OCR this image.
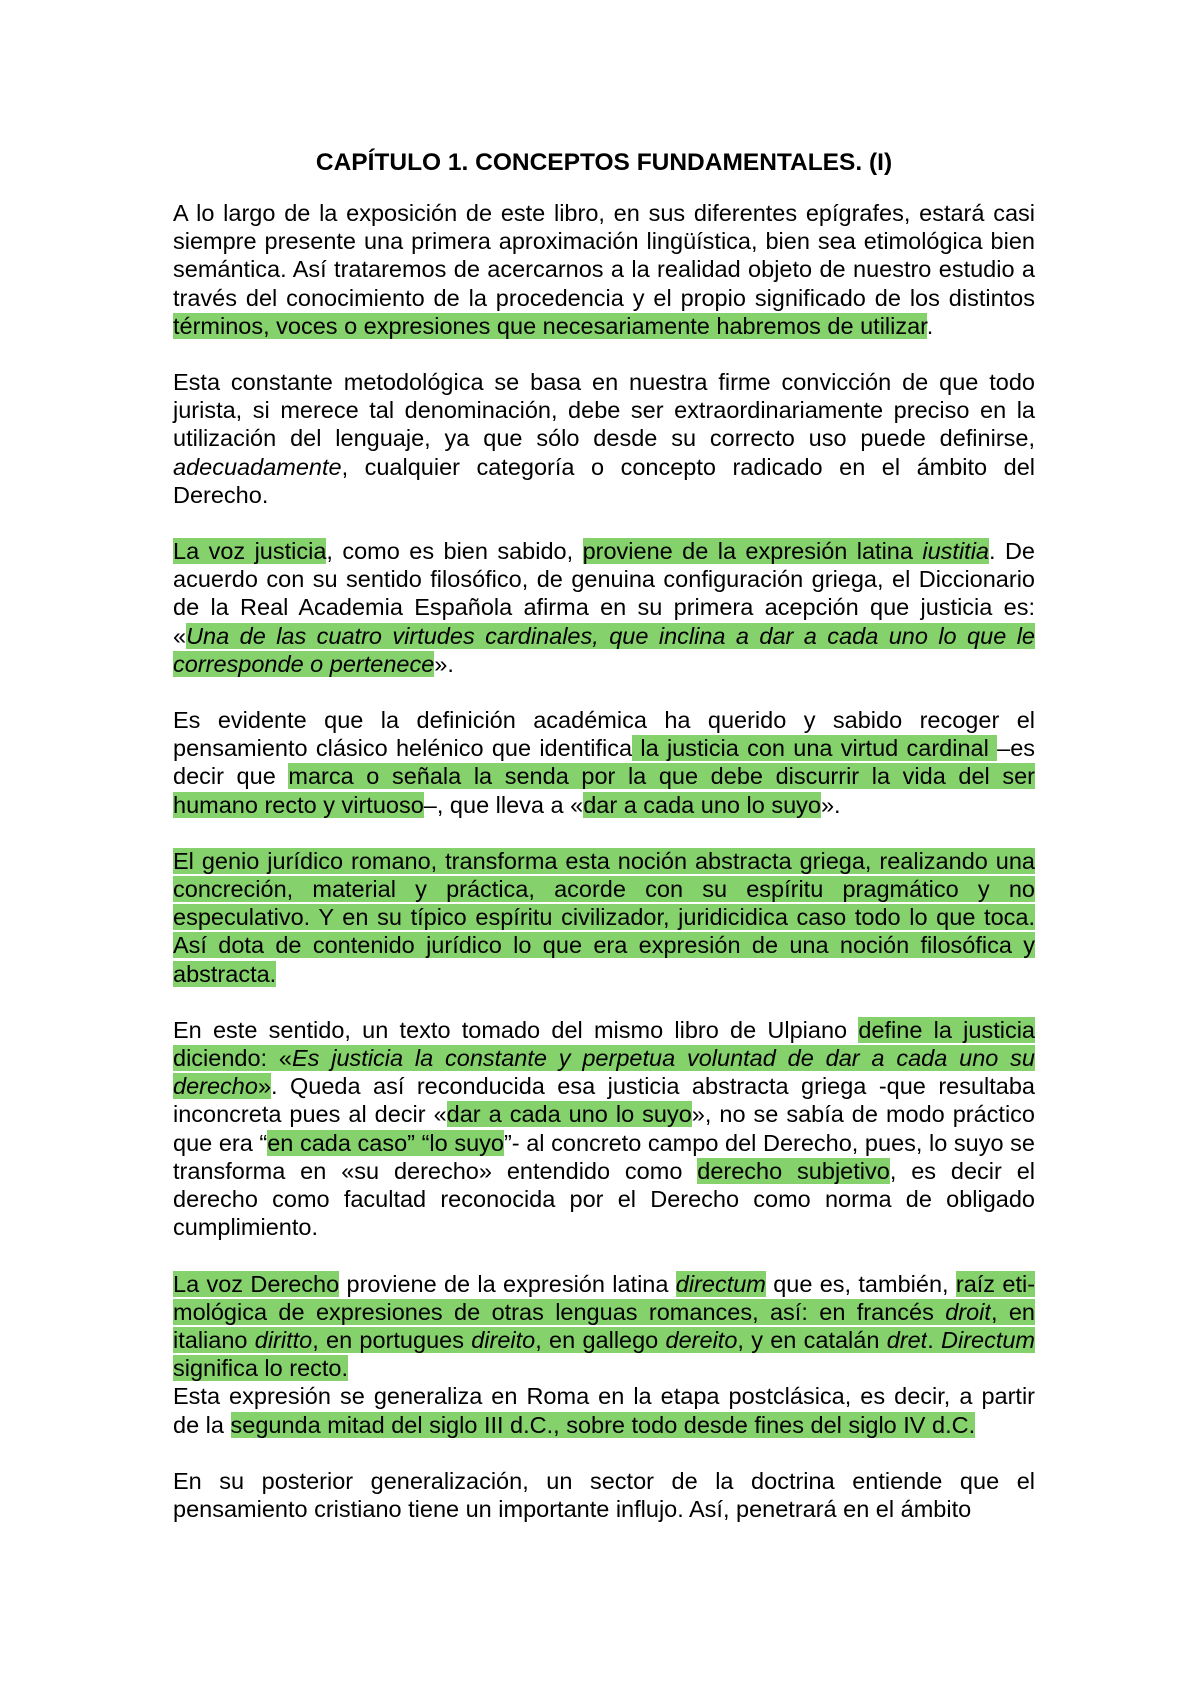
CAPÍTULO 1. CONCEPTOS FUNDAMENTALES. (I)

A lo largo de la exposición de este libro, en sus diferentes epígrafes, estará casi siempre presente una primera aproximación lingüística, bien sea etimológica bien semántica. Así trataremos de acercarnos a la realidad objeto de nuestro estudio a través del conocimiento de la procedencia y el propio significado de los distintos términos, voces o expresiones que necesariamente habremos de utilizar.

Esta constante metodológica se basa en nuestra firme convicción de que todo jurista, si merece tal denominación, debe ser extraordinariamente preciso en la utilización del lenguaje, ya que sólo desde su correcto uso puede definirse, adecuadamente, cualquier categoría o concepto radicado en el ámbito del Derecho.

La voz justicia, como es bien sabido, proviene de la expresión latina iustitia. De acuerdo con su sentido filosófico, de genuina configuración griega, el Diccionario de la Real Academia Española afirma en su primera acepción que justicia es: «Una de las cuatro virtudes cardinales, que inclina a dar a cada uno lo que le corresponde o pertenece».

Es evidente que la definición académica ha querido y sabido recoger el pensamiento clásico helénico que identifica la justicia con una virtud cardinal –es decir que marca o señala la senda por la que debe discurrir la vida del ser humano recto y virtuoso–, que lleva a «dar a cada uno lo suyo».

El genio jurídico romano, transforma esta noción abstracta griega, realizando una concreción, material y práctica, acorde con su espíritu pragmático y no especulativo. Y en su típico espíritu civilizador, juridicidica caso todo lo que toca. Así dota de contenido jurídico lo que era expresión de una noción filosófica y abstracta.

En este sentido, un texto tomado del mismo libro de Ulpiano define la justicia diciendo: «Es justicia la constante y perpetua voluntad de dar a cada uno su derecho». Queda así reconducida esa justicia abstracta griega -que resultaba inconcreta pues al decir «dar a cada uno lo suyo», no se sabía de modo práctico que era “en cada caso” “lo suyo”- al concreto campo del Derecho, pues, lo suyo se transforma en «su derecho» entendido como derecho subjetivo, es decir el derecho como facultad reconocida por el Derecho como norma de obligado cumplimiento.

La voz Derecho proviene de la expresión latina directum que es, también, raíz eti- mológica de expresiones de otras lenguas romances, así: en francés droit, en italiano diritto, en portugues direito, en gallego dereito, y en catalán dret. Directum significa lo recto.

Esta expresión se generaliza en Roma en la etapa postclásica, es decir, a partir de la segunda mitad del siglo III d.C., sobre todo desde fines del siglo IV d.C.

En su posterior generalización, un sector de la doctrina entiende que el pensamiento cristiano tiene un importante influjo. Así, penetrará en el ámbito
